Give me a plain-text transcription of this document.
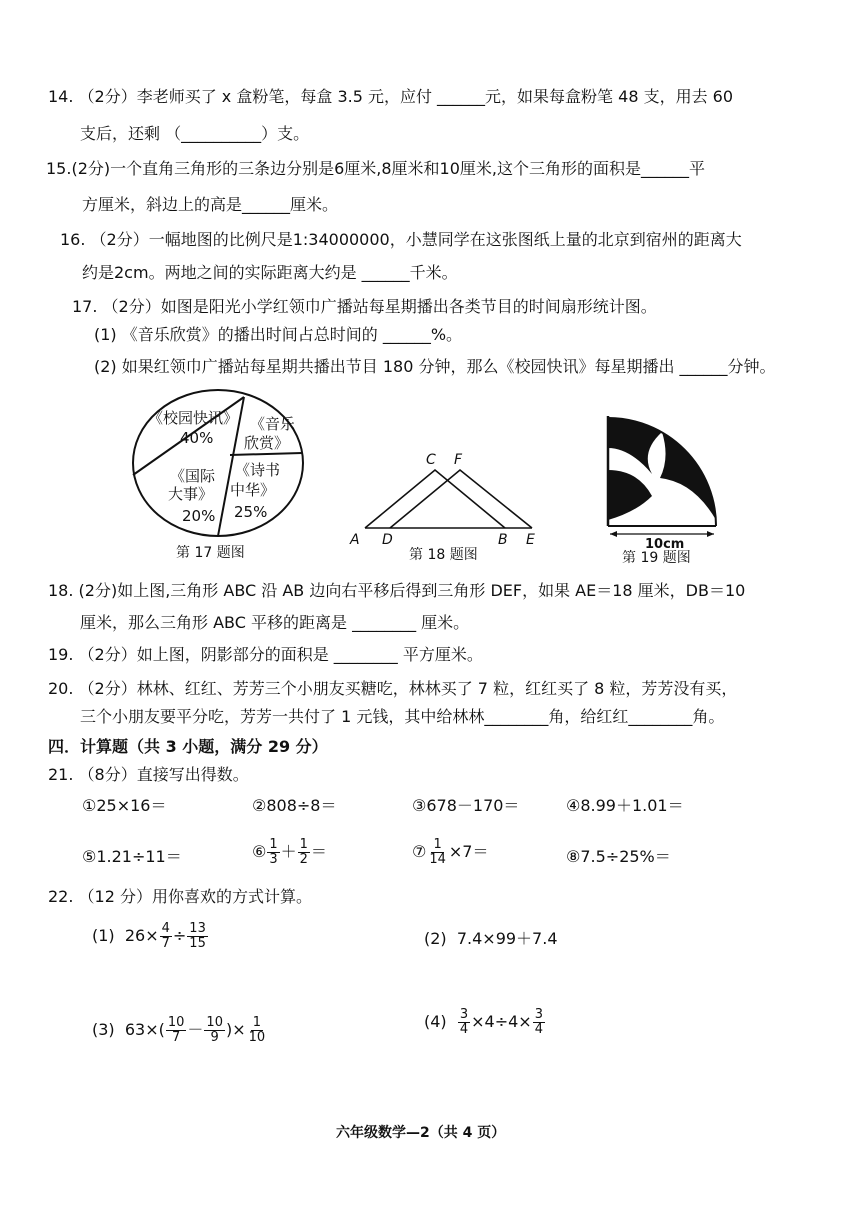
14. （2分）李老师买了 x 盒粉笔，每盒 3.5 元，应付 ______元，如果每盒粉笔 48 支，用去 60
支后，还剩 （__________）支。
15.(2分)一个直角三角形的三条边分别是6厘米,8厘米和10厘米,这个三角形的面积是______平
方厘米，斜边上的高是______厘米。
16. （2分）一幅地图的比例尺是1:34000000，小慧同学在这张图纸上量的北京到宿州的距离大
约是2cm。两地之间的实际距离大约是 ______千米。
17. （2分）如图是阳光小学红领巾广播站每星期播出各类节目的时间扇形统计图。
(1) 《音乐欣赏》的播出时间占总时间的 ______%。
(2) 如果红领巾广播站每星期共播出节目 180 分钟，那么《校园快讯》每星期播出 ______分钟。
《校园快讯》
40%
《音乐
欣赏》
《诗书
中华》
25%
《国际
大事》
20%
第 17 题图
C F
A D	B E
第 18 题图
10cm
第 19 题图
18. (2分)如上图,三角形 ABC 沿 AB 边向右平移后得到三角形 DEF，如果 AE＝18 厘米，DB＝10
厘米，那么三角形 ABC 平移的距离是 ________ 厘米。
19. （2分）如上图，阴影部分的面积是 ________ 平方厘米。
20. （2分）林林、红红、芳芳三个小朋友买糖吃，林林买了 7 粒，红红买了 8 粒，芳芳没有买，
三个小朋友要平分吃，芳芳一共付了 1 元钱，其中给林林________角，给红红________角。
四．计算题（共 3 小题，满分 29 分）
21. （8分）直接写出得数。
①25×16＝	②808÷8＝	③678－170＝	④8.99＋1.01＝
⑤1.21÷11＝	⑥ $\frac{1}{3} + \frac{1}{2}$ ＝	⑦ $\frac{1}{14} \times 7=$	⑧7.5÷25%＝
22. （12 分）用你喜欢的方式计算。
(1) $26\times \frac{4}{7} \div \frac{13}{15}$	(2) 7.4×99＋7.4
(3) $63\times( \frac{10}{7} - \frac{10}{9}$ )× $\frac{1}{10}$	$(4) \frac{3}{4} \times 4\div 4\times \frac{3}{4}$
六年级数学—2（共 4 页）
